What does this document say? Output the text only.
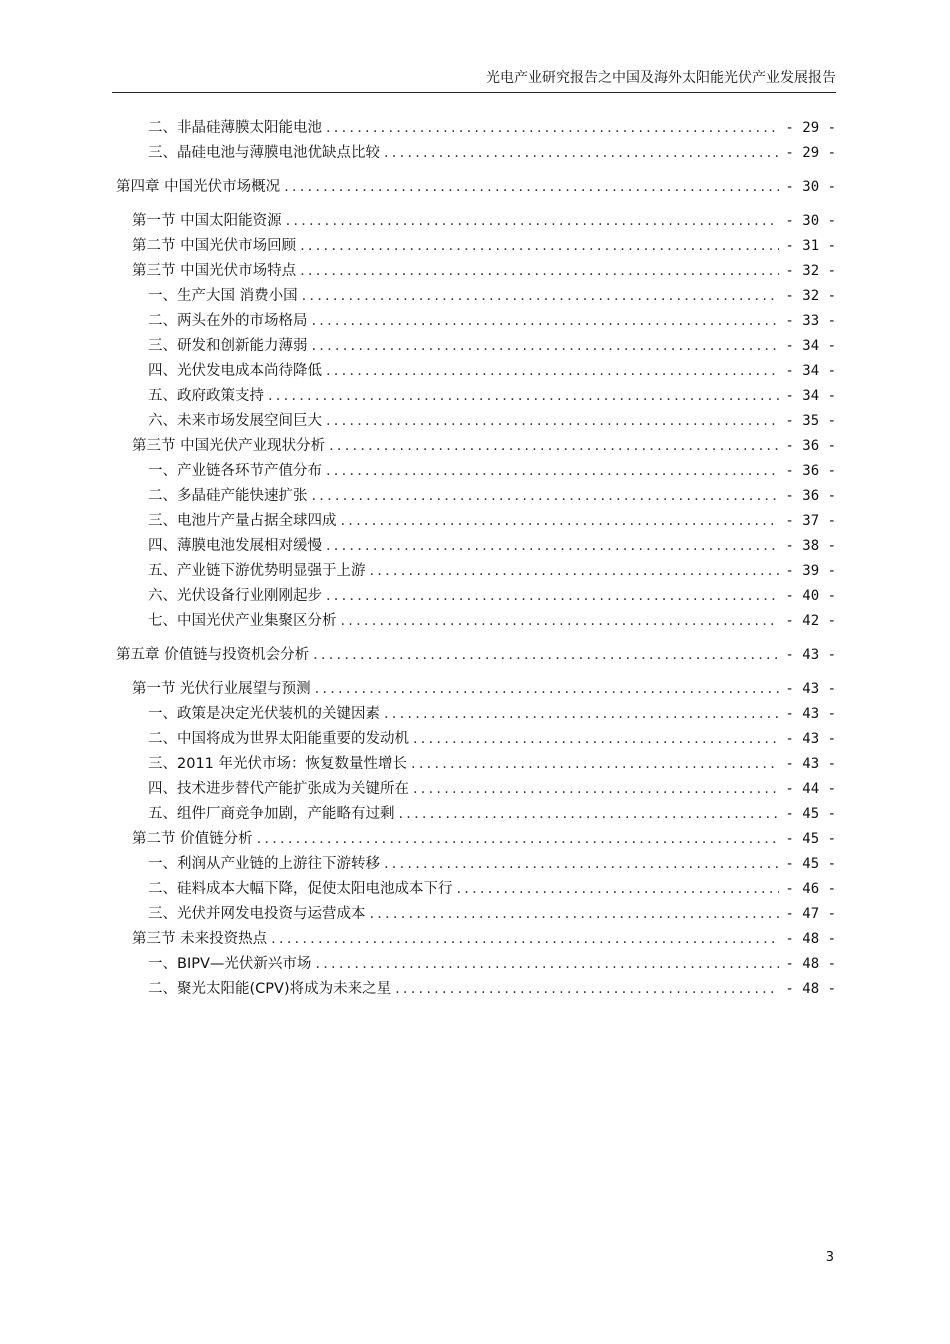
光电产业研究报告之中国及海外太阳能光伏产业发展报告
二、非晶硅薄膜太阳能电池 .....	- 29 -
三、晶硅电池与薄膜电池优缺点比较 .....	- 29 -
第四章 中国光伏市场概况 .....	- 30 -
第一节 中国太阳能资源 .....	- 30 -
第二节 中国光伏市场回顾 .....	- 31 -
第三节 中国光伏市场特点 .....	- 32 -
一、生产大国 消费小国 .....	- 32 -
二、两头在外的市场格局 .....	- 33 -
三、研发和创新能力薄弱 .....	- 34 -
四、光伏发电成本尚待降低 .....	- 34 -
五、政府政策支持 .....	- 34 -
六、未来市场发展空间巨大 .....	- 35 -
第三节 中国光伏产业现状分析 .....	- 36 -
一、产业链各环节产值分布 .....	- 36 -
二、多晶硅产能快速扩张 .....	- 36 -
三、电池片产量占据全球四成 .....	- 37 -
四、薄膜电池发展相对缓慢 .....	- 38 -
五、产业链下游优势明显强于上游 .....	- 39 -
六、光伏设备行业刚刚起步 .....	- 40 -
七、中国光伏产业集聚区分析 .....	- 42 -
第五章 价值链与投资机会分析 .....	- 43 -
第一节 光伏行业展望与预测 .....	- 43 -
一、政策是决定光伏装机的关键因素 .....	- 43 -
二、中国将成为世界太阳能重要的发动机 .....	- 43 -
三、2011 年光伏市场：恢复数量性增长 .....	- 43 -
四、技术进步替代产能扩张成为关键所在 .....	- 44 -
五、组件厂商竞争加剧，产能略有过剩 .....	- 45 -
第二节 价值链分析 .....	- 45 -
一、利润从产业链的上游往下游转移 .....	- 45 -
二、硅料成本大幅下降，促使太阳电池成本下行 .....	- 46 -
三、光伏并网发电投资与运营成本 .....	- 47 -
第三节 未来投资热点 .....	- 48 -
一、BIPV—光伏新兴市场 .....	- 48 -
二、聚光太阳能(CPV)将成为未来之星 .....	- 48 -
3
